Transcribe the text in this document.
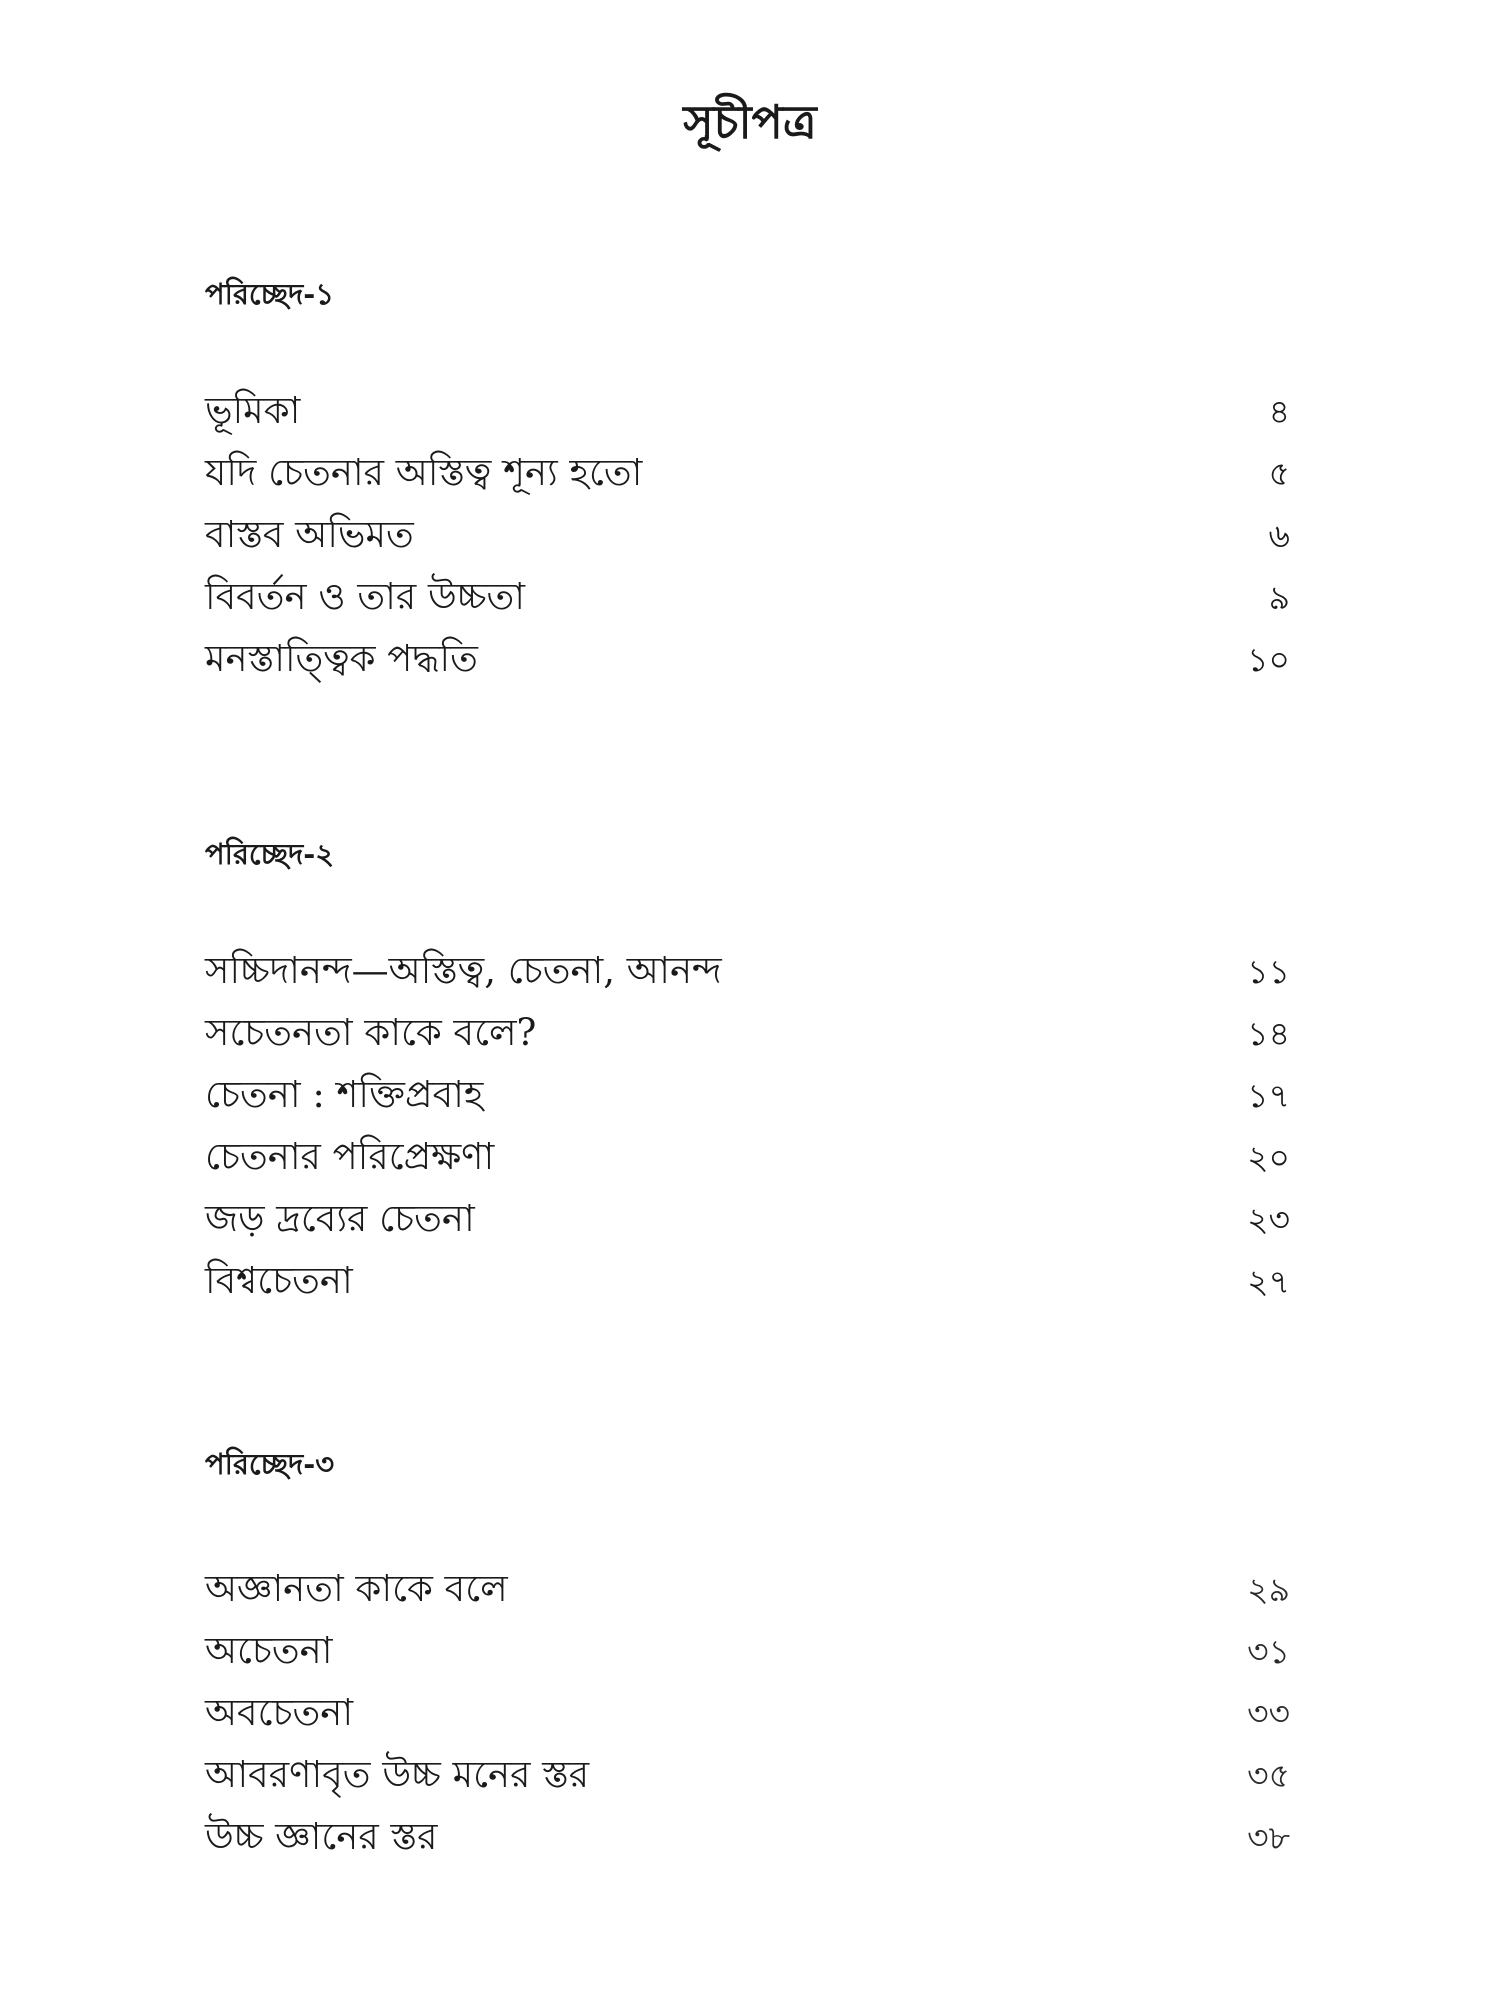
সূচীপত্র
পরিচ্ছেদ-১
ভূমিকা	৪
যদি চেতনার অস্তিত্ব শূন্য হতো	৫
বাস্তব অভিমত	৬
বিবর্তন ও তার উচ্চতা	৯
মনস্তাত্ত্বিক পদ্ধতি	১০
পরিচ্ছেদ-২
সচ্চিদানন্দ—অস্তিত্ব, চেতনা, আনন্দ	১১
সচেতনতা কাকে বলে?	১৪
চেতনা : শক্তিপ্রবাহ	১৭
চেতনার পরিপ্রেক্ষণা	২০
জড় দ্রব্যের চেতনা	২৩
বিশ্বচেতনা	২৭
পরিচ্ছেদ-৩
অজ্ঞানতা কাকে বলে	২৯
অচেতনা	৩১
অবচেতনা	৩৩
আবরণাবৃত উচ্চ মনের স্তর	৩৫
উচ্চ জ্ঞানের স্তর	৩৮
